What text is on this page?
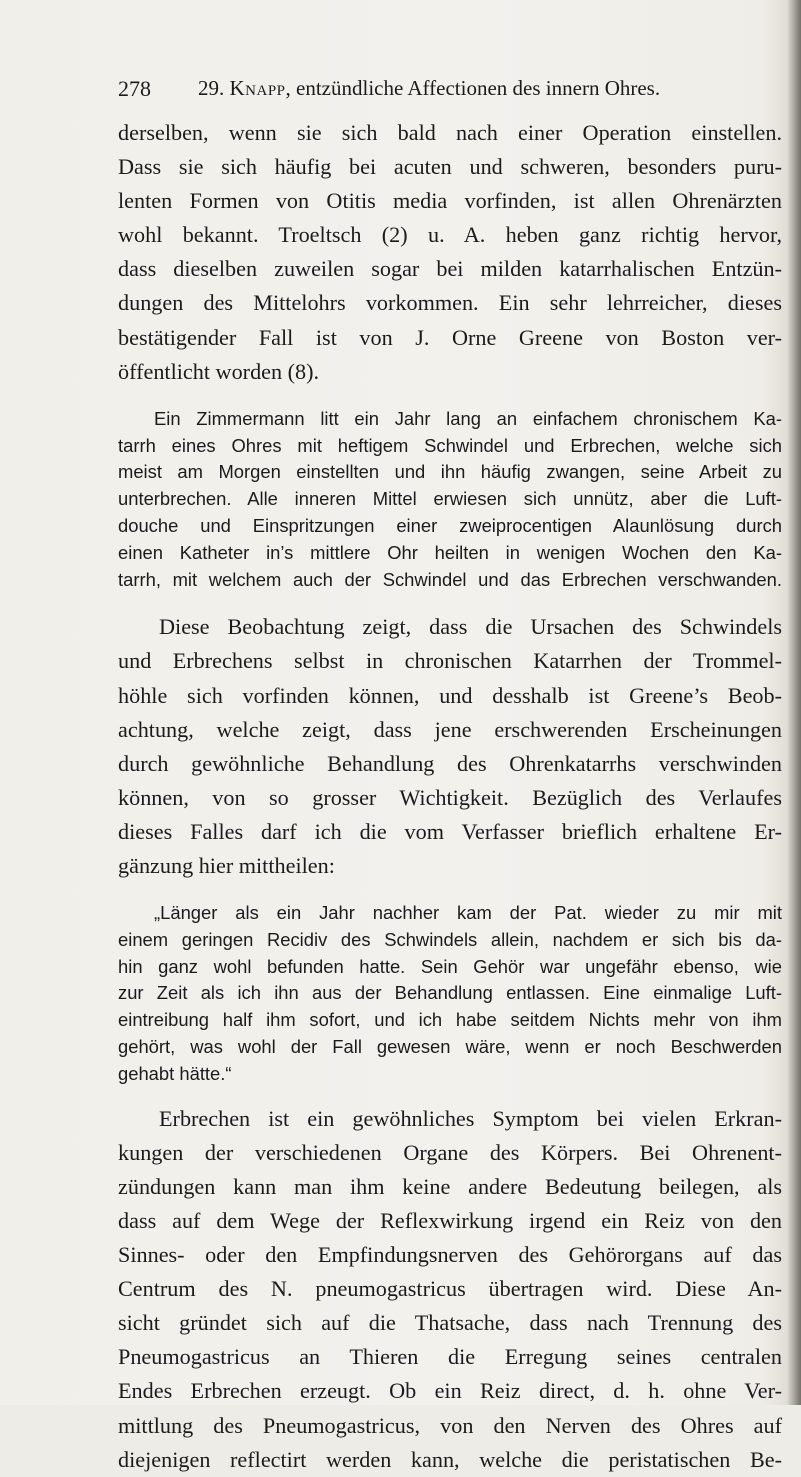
278 29. Knapp, entzündliche Affectionen des innern Ohres.
derselben, wenn sie sich bald nach einer Operation einstellen.
Dass sie sich häufig bei acuten und schweren, besonders puru-
lenten Formen von Otitis media vorfinden, ist allen Ohrenärzten
wohl bekannt. Troeltsch (2) u. A. heben ganz richtig hervor,
dass dieselben zuweilen sogar bei milden katarrhalischen Entzün-
dungen des Mittelohrs vorkommen. Ein sehr lehrreicher, dieses
bestätigender Fall ist von J. Orne Greene von Boston ver-
öffentlicht worden (8).
Ein Zimmermann litt ein Jahr lang an einfachem chronischem Ka-
tarrh eines Ohres mit heftigem Schwindel und Erbrechen, welche sich
meist am Morgen einstellten und ihn häufig zwangen, seine Arbeit zu
unterbrechen. Alle inneren Mittel erwiesen sich unnütz, aber die Luft-
douche und Einspritzungen einer zweiprocentigen Alaunlösung durch
einen Katheter in’s mittlere Ohr heilten in wenigen Wochen den Ka-
tarrh, mit welchem auch der Schwindel und das Erbrechen verschwanden.
Diese Beobachtung zeigt, dass die Ursachen des Schwindels
und Erbrechens selbst in chronischen Katarrhen der Trommel-
höhle sich vorfinden können, und desshalb ist Greene’s Beob-
achtung, welche zeigt, dass jene erschwerenden Erscheinungen
durch gewöhnliche Behandlung des Ohrenkatarrhs verschwinden
können, von so grosser Wichtigkeit. Bezüglich des Verlaufes
dieses Falles darf ich die vom Verfasser brieflich erhaltene Er-
gänzung hier mittheilen:
„Länger als ein Jahr nachher kam der Pat. wieder zu mir mit
einem geringen Recidiv des Schwindels allein, nachdem er sich bis da-
hin ganz wohl befunden hatte. Sein Gehör war ungefähr ebenso, wie
zur Zeit als ich ihn aus der Behandlung entlassen. Eine einmalige Luft-
eintreibung half ihm sofort, und ich habe seitdem Nichts mehr von ihm
gehört, was wohl der Fall gewesen wäre, wenn er noch Beschwerden
gehabt hätte.“
Erbrechen ist ein gewöhnliches Symptom bei vielen Erkran-
kungen der verschiedenen Organe des Körpers. Bei Ohrenent-
zündungen kann man ihm keine andere Bedeutung beilegen, als
dass auf dem Wege der Reflexwirkung irgend ein Reiz von den
Sinnes- oder den Empfindungsnerven des Gehörorgans auf das
Centrum des N. pneumogastricus übertragen wird. Diese An-
sicht gründet sich auf die Thatsache, dass nach Trennung des
Pneumogastricus an Thieren die Erregung seines centralen
Endes Erbrechen erzeugt. Ob ein Reiz direct, d. h. ohne Ver-
mittlung des Pneumogastricus, von den Nerven des Ohres auf
diejenigen reflectirt werden kann, welche die peristatischen Be-
